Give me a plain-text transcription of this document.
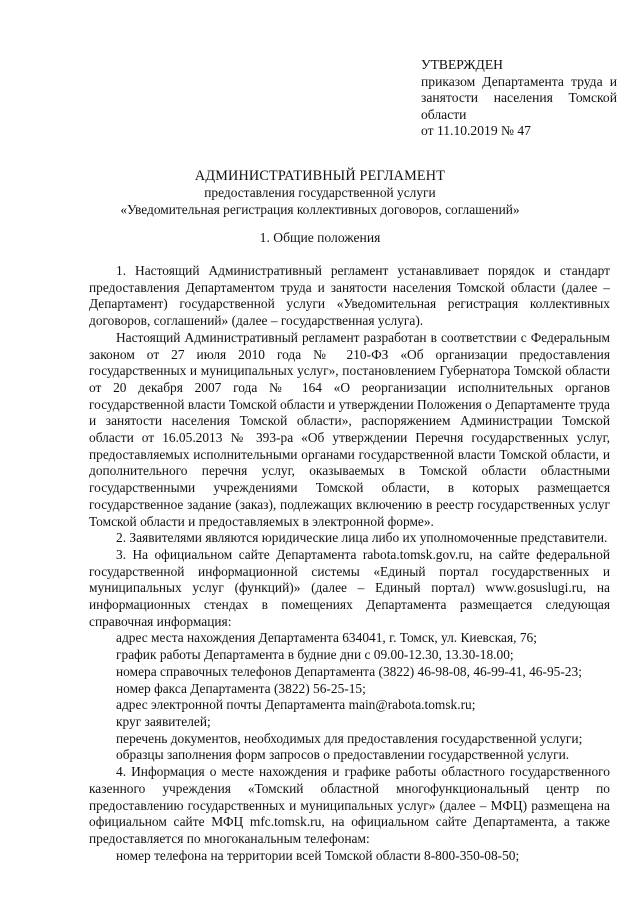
УТВЕРЖДЕН
приказом Департамента труда и
занятости населения Томской
области
от 11.10.2019 № 47
АДМИНИСТРАТИВНЫЙ РЕГЛАМЕНТ
предоставления государственной услуги
«Уведомительная регистрация коллективных договоров, соглашений»
1. Общие положения

1. Настоящий Административный регламент устанавливает порядок и стандарт предоставления Департаментом труда и занятости населения Томской области (далее – Департамент) государственной услуги «Уведомительная регистрация коллективных договоров, соглашений» (далее – государственная услуга).

Настоящий Административный регламент разработан в соответствии с Федеральным законом от 27 июля 2010 года № 210-ФЗ «Об организации предоставления государственных и муниципальных услуг», постановлением Губернатора Томской области от 20 декабря 2007 года № 164 «О реорганизации исполнительных органов государственной власти Томской области и утверждении Положения о Департаменте труда и занятости населения Томской области», распоряжением Администрации Томской области от 16.05.2013 № 393-ра «Об утверждении Перечня государственных услуг, предоставляемых исполнительными органами государственной власти Томской области, и дополнительного перечня услуг, оказываемых в Томской области областными государственными учреждениями Томской области, в которых размещается государственное задание (заказ), подлежащих включению в реестр государственных услуг Томской области и предоставляемых в электронной форме».

2. Заявителями являются юридические лица либо их уполномоченные представители.

3. На официальном сайте Департамента rabota.tomsk.gov.ru, на сайте федеральной государственной информационной системы «Единый портал государственных и муниципальных услуг (функций)» (далее – Единый портал) www.gosuslugi.ru, на информационных стендах в помещениях Департамента размещается следующая справочная информация:

адрес места нахождения Департамента 634041, г. Томск, ул. Киевская, 76;
график работы Департамента в будние дни с 09.00-12.30, 13.30-18.00;
номера справочных телефонов Департамента (3822) 46-98-08, 46-99-41, 46-95-23;
номер факса Департамента (3822) 56-25-15;
адрес электронной почты Департамента main@rabota.tomsk.ru;
круг заявителей;
перечень документов, необходимых для предоставления государственной услуги;
образцы заполнения форм запросов о предоставлении государственной услуги.

4. Информация о месте нахождения и графике работы областного государственного казенного учреждения «Томский областной многофункциональный центр по предоставлению государственных и муниципальных услуг» (далее – МФЦ) размещена на официальном сайте МФЦ mfc.tomsk.ru, на официальном сайте Департамента, а также предоставляется по многоканальным телефонам:

номер телефона на территории всей Томской области 8-800-350-08-50;
